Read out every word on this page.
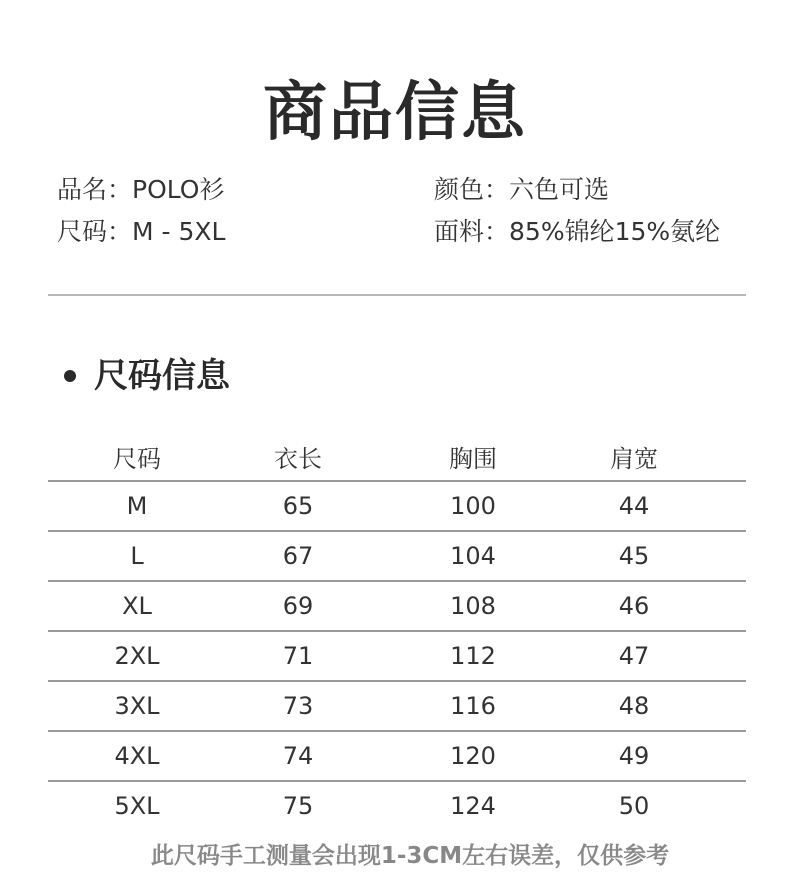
商品信息
品名：POLO衫
尺码：M - 5XL
颜色：六色可选
面料：85%锦纶15%氨纶
尺码信息
尺码	衣长	胸围	肩宽
M	65	100	44
L	67	104	45
XL	69	108	46
2XL	71	112	47
3XL	73	116	48
4XL	74	120	49
5XL	75	124	50
此尺码手工测量会出现1-3CM左右误差，仅供参考
